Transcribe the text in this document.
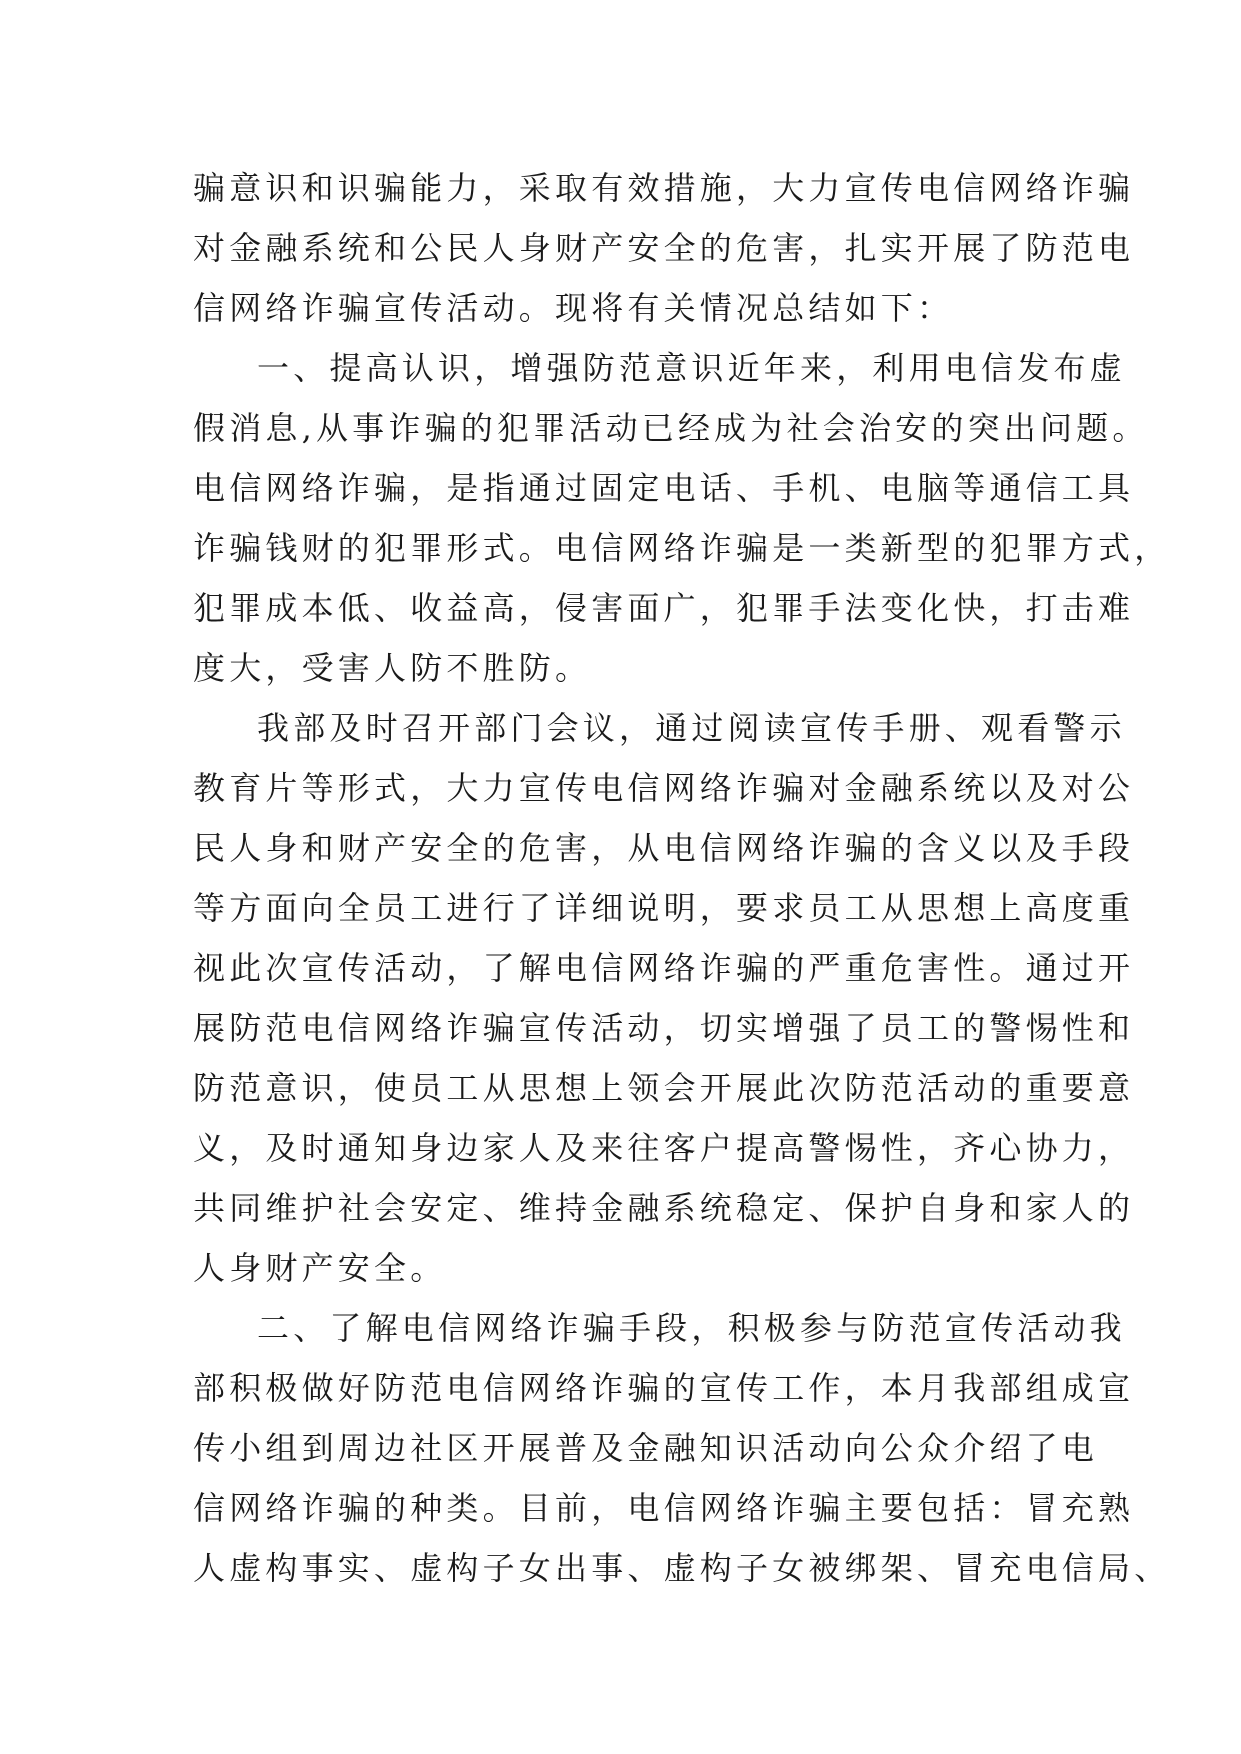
骗意识和识骗能力，采取有效措施，大力宣传电信网络诈骗
对金融系统和公民人身财产安全的危害，扎实开展了防范电
信网络诈骗宣传活动。现将有关情况总结如下：
一、提高认识，增强防范意识近年来，利用电信发布虚
假消息,从事诈骗的犯罪活动已经成为社会治安的突出问题。
电信网络诈骗，是指通过固定电话、手机、电脑等通信工具
诈骗钱财的犯罪形式。电信网络诈骗是一类新型的犯罪方式，
犯罪成本低、收益高，侵害面广，犯罪手法变化快，打击难
度大，受害人防不胜防。
我部及时召开部门会议，通过阅读宣传手册、观看警示
教育片等形式，大力宣传电信网络诈骗对金融系统以及对公
民人身和财产安全的危害，从电信网络诈骗的含义以及手段
等方面向全员工进行了详细说明，要求员工从思想上高度重
视此次宣传活动，了解电信网络诈骗的严重危害性。通过开
展防范电信网络诈骗宣传活动，切实增强了员工的警惕性和
防范意识，使员工从思想上领会开展此次防范活动的重要意
义，及时通知身边家人及来往客户提高警惕性，齐心协力，
共同维护社会安定、维持金融系统稳定、保护自身和家人的
人身财产安全。
二、了解电信网络诈骗手段，积极参与防范宣传活动我
部积极做好防范电信网络诈骗的宣传工作，本月我部组成宣
传小组到周边社区开展普及金融知识活动向公众介绍了电
信网络诈骗的种类。目前，电信网络诈骗主要包括：冒充熟
人虚构事实、虚构子女出事、虚构子女被绑架、冒充电信局、
